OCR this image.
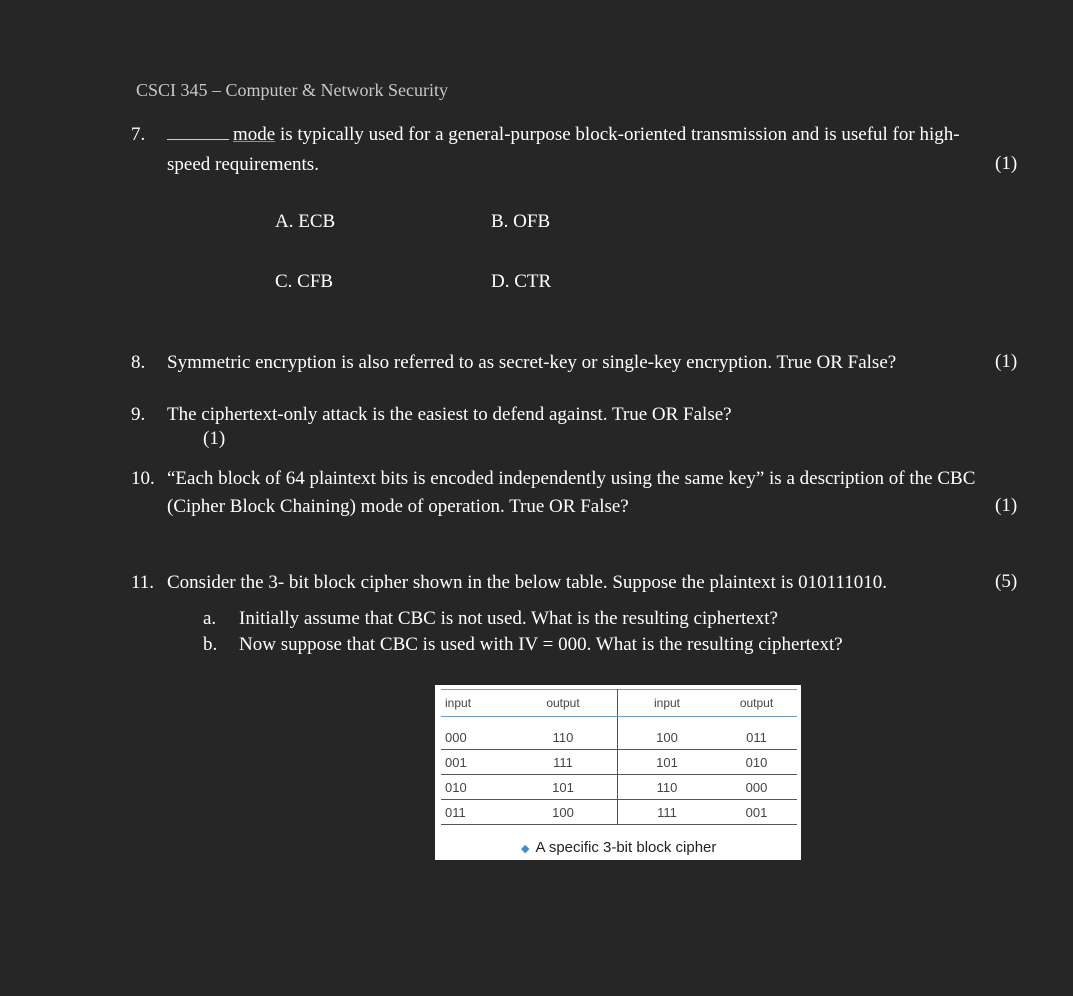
CSCI 345 – Computer & Network Security
7.	mode is typically used for a general-purpose block-oriented transmission and is useful for high-
speed requirements.	(1)
A. ECB	B. OFB
C. CFB	D. CTR
8. Symmetric encryption is also referred to as secret-key or single-key encryption. True OR False?	(1)
9. The ciphertext-only attack is the easiest to defend against. True OR False?
(1)
10. “Each block of 64 plaintext bits is encoded independently using the same key” is a description of the CBC
(Cipher Block Chaining) mode of operation. True OR False?	(1)
11. Consider the 3- bit block cipher shown in the below table. Suppose the plaintext is 010111010.	(5)
a. Initially assume that CBC is not used. What is the resulting ciphertext?
b. Now suppose that CBC is used with IV = 000. What is the resulting ciphertext?
input	output	input	output
000	110	100	011
001	111	101	010
010	101	110	000
011	100	111	001
◆ A specific 3-bit block cipher
